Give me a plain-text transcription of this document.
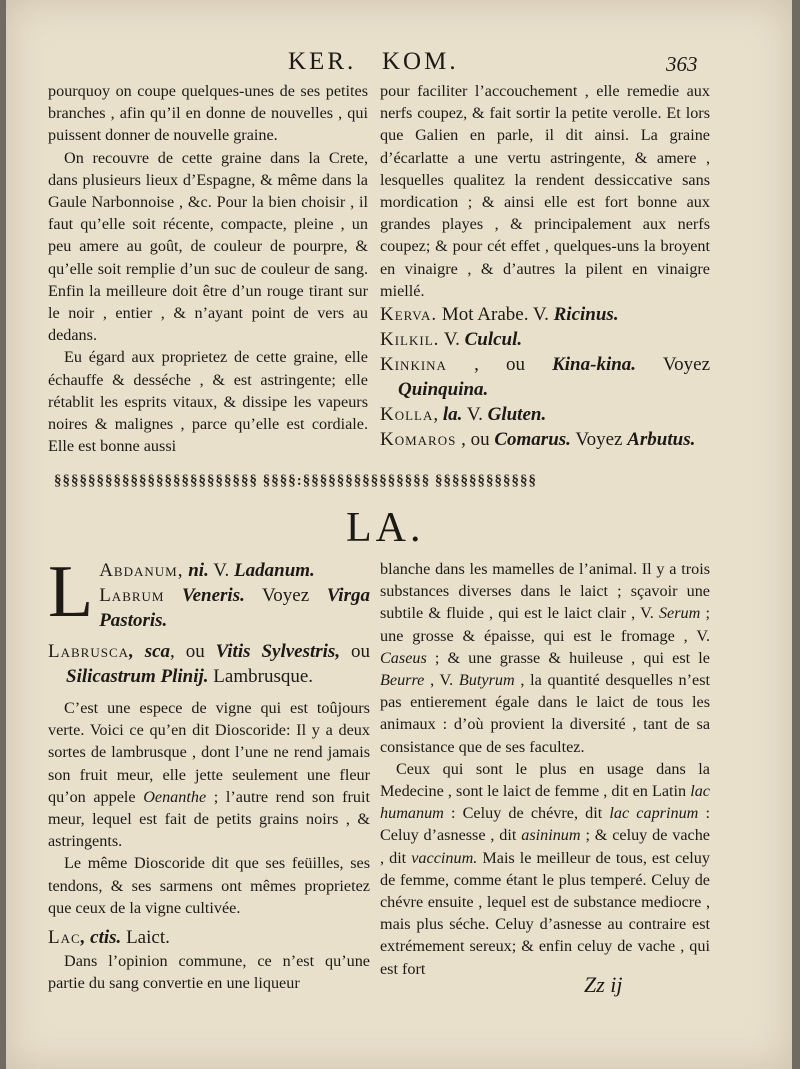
KER. KOM.	363

pourquoy on coupe quelques-unes de ses petites branches , afin qu’il en donne de nouvelles , qui puissent donner de nouvelle graine.

On recouvre de cette graine dans la Crete, dans plusieurs lieux d’Espagne, & même dans la Gaule Narbonnoise , &c. Pour la bien choisir , il faut qu’elle soit récente, compacte, pleine , un peu amere au goût, de couleur de pourpre, & qu’elle soit remplie d’un suc de couleur de sang. Enfin la meilleure doit être d’un rouge tirant sur le noir , entier , & n’ayant point de vers au dedans.

Eu égard aux proprietez de cette graine, elle échauffe & desséche , & est astringente; elle rétablit les esprits vitaux, & dissipe les vapeurs noires & malignes , parce qu’elle est cordiale. Elle est bonne aussi

pour faciliter l’accouchement , elle remedie aux nerfs coupez, & fait sortir la petite verolle. Et lors que Galien en parle, il dit ainsi. La graine d’écarlatte a une vertu astringente, & amere , lesquelles qualitez la rendent dessiccative sans mordication ; & ainsi elle est fort bonne aux grandes playes , & principalement aux nerfs coupez; & pour cét effet , quelques-uns la broyent en vinaigre , & d’autres la pilent en vinaigre miellé.

Kerva. Mot Arabe. V. Ricinus.

Kilkil. V. Culcul.

Kinkina , ou Kina-kina. Voyez Quinquina.

Kolla, la. V. Gluten.

Komaros , ou Comarus. Voyez Arbutus.

§§§§§§§§§§§§§§§§§§§§§§§§ §§§§:§§§§§§§§§§§§§§§ §§§§§§§§§§§§
LA.

L Abdanum, ni. V. Ladanum.
Labrum Veneris. Voyez Virga Pastoris.

Labrusca, sca, ou Vitis Sylvestris, ou Silicastrum Plinij. Lambrusque.

C’est une espece de vigne qui est toûjours verte. Voici ce qu’en dit Dioscoride: Il y a deux sortes de lambrusque , dont l’une ne rend jamais son fruit meur, elle jette seulement une fleur qu’on appele Oenanthe ; l’autre rend son fruit meur, lequel est fait de petits grains noirs , & astringents.

Le même Dioscoride dit que ses feüilles, ses tendons, & ses sarmens ont mêmes proprietez que ceux de la vigne cultivée.

Lac, ctis. Laict.

Dans l’opinion commune, ce n’est qu’une partie du sang convertie en une liqueur

blanche dans les mamelles de l’animal. Il y a trois substances diverses dans le laict ; sçavoir une subtile & fluide , qui est le laict clair , V. Serum ; une grosse & épaisse, qui est le fromage , V. Caseus ; & une grasse & huileuse , qui est le Beurre , V. Butyrum , la quantité desquelles n’est pas entierement égale dans le laict de tous les animaux : d’où provient la diversité , tant de sa consistance que de ses facultez.

Ceux qui sont le plus en usage dans la Medecine , sont le laict de femme , dit en Latin lac humanum : Celuy de chévre, dit lac caprinum : Celuy d’asnesse , dit asininum ; & celuy de vache , dit vaccinum. Mais le meilleur de tous, est celuy de femme, comme étant le plus temperé. Celuy de chévre ensuite , lequel est de substance mediocre , mais plus séche. Celuy d’asnesse au contraire est extrémement sereux; & enfin celuy de vache , qui est fort

Zz ij
